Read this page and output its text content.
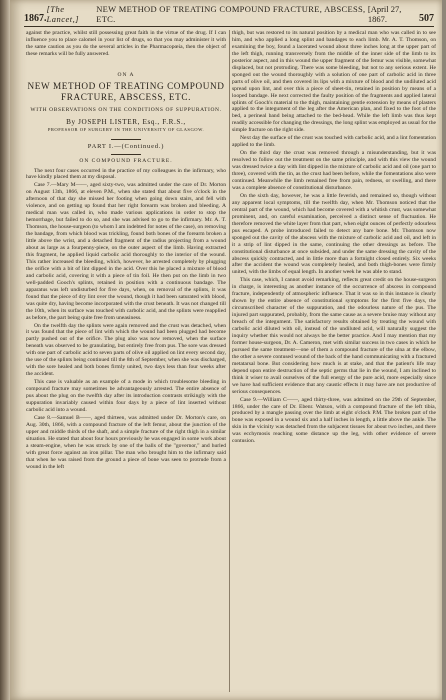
1867.
[The Lancet,]
NEW METHOD OF TREATING COMPOUND FRACTURE, ABSCESS, ETC.
[April 27, 1867.	507

against the practice, whilst still possessing great faith in the virtue of the drug. If I can influence you to place calomel in your list of drugs, so that you may administer it with the same caution as you do the several articles in the Pharmacopœia, then the object of these remarks will be fully answered.

ON A
NEW METHOD OF TREATING COMPOUND FRACTURE, ABSCESS, ETC.
WITH OBSERVATIONS ON THE CONDITIONS OF SUPPURATION.
By JOSEPH LISTER, Esq., F.R.S.,
PROFESSOR OF SURGERY IN THE UNIVERSITY OF GLASGOW.
PART I.—(Continued.)
ON COMPOUND FRACTURE.

The next four cases occurred in the practice of my colleagues in the infirmary, who have kindly placed them at my disposal.

Case 7.—Mary M——, aged sixty-two, was admitted under the care of Dr. Morton on August 13th, 1866, at eleven P.M., when she stated that about five o'clock in the afternoon of that day she missed her footing when going down stairs, and fell with violence, and on getting up found that her right forearm was broken and bleeding. A medical man was called in, who made various applications in order to stop the hemorrhage, but failed to do so, and she was advised to go to the infirmary. Mr. A. T. Thomson, the house-surgeon (to whom I am indebted for notes of the case), on removing the bandage, from which blood was trickling, found both bones of the forearm broken a little above the wrist, and a detached fragment of the radius projecting from a wound about as large as a fourpenny-piece, on the outer aspect of the limb. Having extracted this fragment, he applied liquid carbolic acid thoroughly to the interior of the wound. This rather increased the bleeding, which, however, he arrested completely by plugging the orifice with a bit of lint dipped in the acid. Over this he placed a mixture of blood and carbolic acid, covering it with a piece of tin foil. He then put on the limb in two well-padded Gooch's splints, retained in position with a continuous bandage. The apparatus was left undisturbed for five days, when, on removal of the splints, it was found that the piece of dry lint over the wound, though it had been saturated with blood, was quite dry, having become incorporated with the crust beneath. It was not changed till the 10th, when its surface was touched with carbolic acid, and the splints were reapplied as before, the part being quite free from uneasiness.

On the twelfth day the splints were again removed and the crust was detached, when it was found that the piece of lint with which the wound had been plugged had become partly pushed out of the orifice. The plug also was now removed, when the surface beneath was observed to be granulating, but entirely free from pus. The sore was dressed with one part of carbolic acid to seven parts of olive oil applied on lint every second day, the use of the splints being continued till the 8th of September, when she was discharged, with the sore healed and both bones firmly united, two days less than four weeks after the accident.

This case is valuable as an example of a mode in which troublesome bleeding in compound fracture may sometimes be advantageously arrested. The entire absence of pus about the plug on the twelfth day after its introduction contrasts strikingly with the suppuration invariably caused within four days by a piece of lint inserted without carbolic acid into a wound.

Case 8.—Samuel B——, aged thirteen, was admitted under Dr. Morton's care, on Aug. 30th, 1866, with a compound fracture of the left femur, about the junction of the upper and middle thirds of the shaft, and a simple fracture of the right thigh in a similar situation. He stated that about four hours previously he was engaged in some work about a steam-engine, when he was struck by one of the balls of the "governor," and hurled with great force against an iron pillar. The man who brought him to the infirmary said that when he was raised from the ground a piece of bone was seen to protrude from a wound in the left

thigh, but was restored to its natural position by a medical man who was called in to see him, and who applied a long splint and bandages to each limb. Mr. A. T. Thomson, on examining the boy, found a lacerated wound about three inches long at the upper part of the left thigh, running transversely from the middle of the inner side of the limb to its posterior aspect, and in this wound the upper fragment of the femur was visible, somewhat displaced, but not protruding. There was some bleeding, but not to any serious extent. He sponged out the wound thoroughly with a solution of one part of carbolic acid in three parts of olive oil, and then covered its lips with a mixture of blood and the undiluted acid spread upon lint, and over this a piece of sheet-tin, retained in position by means of a looped bandage. He next corrected the faulty position of the fragments and applied lateral splints of Gooch's material to the thigh, maintaining gentle extension by means of plasters applied to the integument of the leg after the American plan, and fixed to the foot of the bed, a perineal band being attached to the bed-head. While the left limb was thus kept readily accessible for changing the dressings, the long splint was employed as usual for the simple fracture on the right side.

Next day the surface of the crust was touched with carbolic acid, and a lint fomentation applied to the limb.

On the third day the crust was removed through a misunderstanding, but it was resolved to follow out the treatment on the same principle, and with this view the wound was dressed twice a day with lint dipped in the mixture of carbolic acid and oil (one part to three), covered with the tin, as the crust had been before, while the fomentations also were continued. Meanwhile the limb remained free from pain, redness, or swelling, and there was a complete absence of constitutional disturbance.

On the sixth day, however, he was a little feverish, and remained so, though without any apparent local symptoms, till the twelfth day, when Mr. Thomson noticed that the central part of the wound, which had become covered with a whitish crust, was somewhat prominent, and, on careful examination, perceived a distinct sense of fluctuation. He therefore removed the white layer from that part, when eight ounces of perfectly odourless pus escaped. A probe introduced failed to detect any bare bone. Mr. Thomson now sponged out the cavity of the abscess with the mixture of carbolic acid and oil, and left in it a strip of lint dipped in the same, continuing the other dressings as before. The constitutional disturbance at once subsided, and under the same dressing the cavity of the abscess quickly contracted, and in little more than a fortnight closed entirely. Six weeks after the accident the wound was completely healed, and both thigh-bones were firmly united, with the limbs of equal length. In another week he was able to stand.

This case, which, I cannot avoid remarking, reflects great credit on the house-surgeon in charge, is interesting as another instance of the occurrence of abscess in compound fracture, independently of atmospheric influence. That it was so in this instance is clearly shown by the entire absence of constitutional symptoms for the first five days, the circumscribed character of the suppuration, and the odourless nature of the pus. The injured part suppurated, probably, from the same cause as a severe bruise may without any breach of the integument. The satisfactory results obtained by treating the wound with carbolic acid diluted with oil, instead of the undiluted acid, will naturally suggest the inquiry whether this would not always be the better practice. And I may mention that my former house-surgeon, Dr. A. Cameron, met with similar success in two cases in which he pursued the same treatment—one of them a compound fracture of the ulna at the elbow, the other a severe contused wound of the back of the hand communicating with a fractured metatarsal bone. But considering how much is at stake, and that the patient's life may depend upon entire destruction of the septic germs that lie in the wound, I am inclined to think it wiser to avail ourselves of the full energy of the pure acid, more especially since we have had sufficient evidence that any caustic effects it may have are not productive of serious consequences.

Case 9.—William C——, aged thirty-three, was admitted on the 29th of September, 1866, under the care of Dr. Ebenr. Watson, with a compound fracture of the left tibia, produced by a mangle passing over the limb at eight o'clock P.M. The broken part of the bone was exposed in a wound six and a half inches in length, a little above the ankle. The skin in the vicinity was detached from the subjacent tissues for about two inches, and there was ecchymosis reaching some distance up the leg, with other evidence of severe contusion.
